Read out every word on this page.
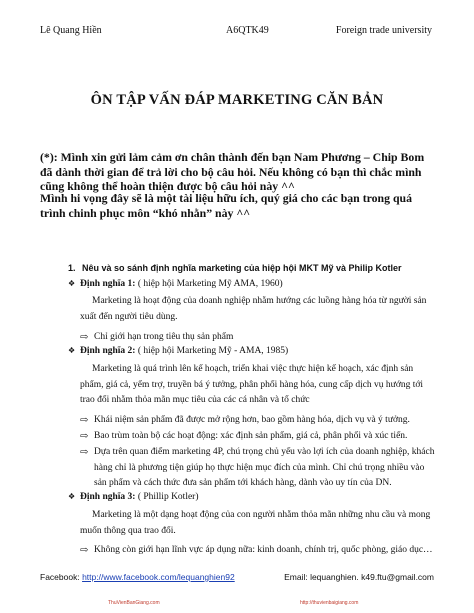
Lê Quang Hiền	A6QTK49	Foreign trade university
ÔN TẬP VẤN ĐÁP MARKETING CĂN BẢN

(*): Mình xin gửi lảm cảm ơn chân thành đến bạn Nam Phương – Chip Bom đã dành thời gian để trả lời cho bộ câu hỏi. Nếu không có bạn thì chắc mình cũng không thể hoàn thiện được bộ câu hỏi này ^^

Mình hi vọng đây sẽ là một tài liệu hữu ích, quý giá cho các bạn trong quá trình chinh phục môn “khó nhằn” này ^^

1. Nêu và so sánh định nghĩa marketing của hiệp hội MKT Mỹ và Philip Kotler
❖ Định nghĩa 1: ( hiệp hội Marketing Mỹ AMA, 1960)

Marketing là hoạt động của doanh nghiệp nhằm hướng các luồng hàng hóa từ người sản xuất đến người tiêu dùng.

⇨ Chỉ giới hạn trong tiêu thụ sản phẩm
❖ Định nghĩa 2: ( hiệp hội Marketing Mỹ - AMA, 1985)

Marketing là quá trình lên kế hoạch, triển khai việc thực hiện kế hoạch, xác định sản phẩm, giá cả, yểm trợ, truyền bá ý tưởng, phân phối hàng hóa, cung cấp dịch vụ hướng tới trao đổi nhằm thỏa mãn mục tiêu của các cá nhân và tổ chức

⇨ Khái niệm sản phẩm đã được mở rộng hơn, bao gồm hàng hóa, dịch vụ và ý tưởng.
⇨ Bao trùm toàn bộ các hoạt động: xác định sản phẩm, giá cả, phân phối và xúc tiến.
⇨ Dựa trên quan điểm marketing 4P, chú trọng chủ yếu vào lợi ích của doanh nghiệp, khách hàng chỉ là phương tiện giúp họ thực hiện mục đích của mình. Chỉ chú trọng nhiều vào sản phẩm và cách thức đưa sản phẩm tới khách hàng, dành vào uy tín của DN.
❖ Định nghĩa 3: ( Phillip Kotler)

Marketing là một dạng hoạt động của con người nhằm thỏa mãn những nhu cầu và mong muốn thông qua trao đổi.

⇨ Không còn giới hạn lĩnh vực áp dụng nữa: kinh doanh, chính trị, quốc phòng, giáo dục…
Facebook: http://www.facebook.com/lequanghien92	Email: lequanghien. k49.ftu@gmail.com
ThuVienBanGiang.com	http://thuvienbaigiang.com
